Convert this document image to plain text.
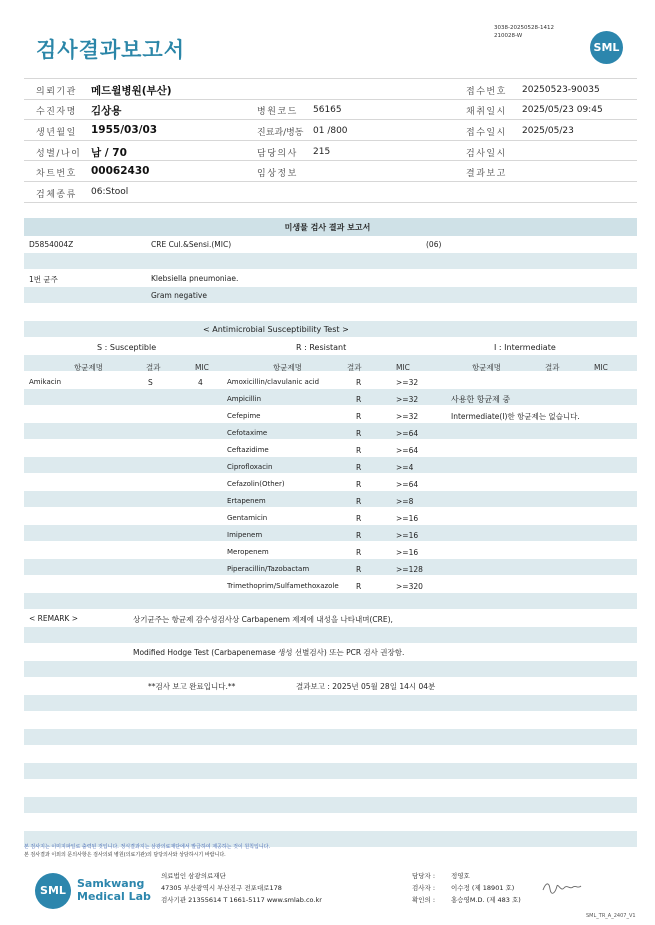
검사결과보고서
3038-20250528-1412
210028-W
SML
의뢰기관 메드윌병원(부산)
수진자명 김상용
생년월일 1955/03/03
성별/나이 남 / 70
차트번호 00062430
검체종류 06:Stool
병원코드 56165
진료과/병동 01 /800
담당의사 215
임상정보
접수번호 20250523-90035
채취일시 2025/05/23 09:45
접수일시 2025/05/23
검사일시
결과보고
미생물 검사 결과 보고서
D5854004Z	CRE Cul.&Sensi.(MIC)	(06)
1번 균주	Klebsiella pneumoniae.
Gram negative
< Antimicrobial Susceptibility Test >
S : Susceptible	R : Resistant	I : Intermediate
항균제명	결과	MIC	항균제명	결과	MIC	항균제명	결과	MIC
Amikacin	S	4	Amoxicillin/clavulanic acid	R	>=32
Ampicillin	R	>=32
Cefepime	R	>=32
Cefotaxime	R	>=64
Ceftazidime	R	>=64
Ciprofloxacin	R	>=4
Cefazolin(Other)	R	>=64
Ertapenem	R	>=8
Gentamicin	R	>=16
Imipenem	R	>=16
Meropenem	R	>=16
Piperacillin/Tazobactam	R	>=128
Trimethoprim/Sulfamethoxazole R	>=320
사용한 항균제 중
Intermediate(I)한 항균제는 없습니다.
< REMARK >	상기균주는 항균제 감수성검사상 Carbapenem 제제에 내성을 나타내며(CRE),
Modified Hodge Test (Carbapenemase 생성 선별검사) 또는 PCR 검사 권장함.
**검사 보고 완료입니다.**	결과보고 : 2025년 05월 28일 14시 04분
본 검사지는 이미지파일로 출력된 것입니다. 정식결과지는 삼광의료재단에서 발급하여 제공하는 것이 원칙입니다.
본 검사결과 이외의 문의사항은 검사의뢰 병원(의료기관)의 담당의사와 상담하시기 바랍니다.
SML
Samkwang
Medical Lab
의료법인 삼광의료재단
47305 부산광역시 부산진구 전포대로178
검사기관 21355614 T 1661-5117 www.smlab.co.kr
담당자 : 정영호
검사자 : 이수정 (제 18901 호)
확인의 : 홍승영M.D. (제 483 호)
SML_TR_A_2407_V1
